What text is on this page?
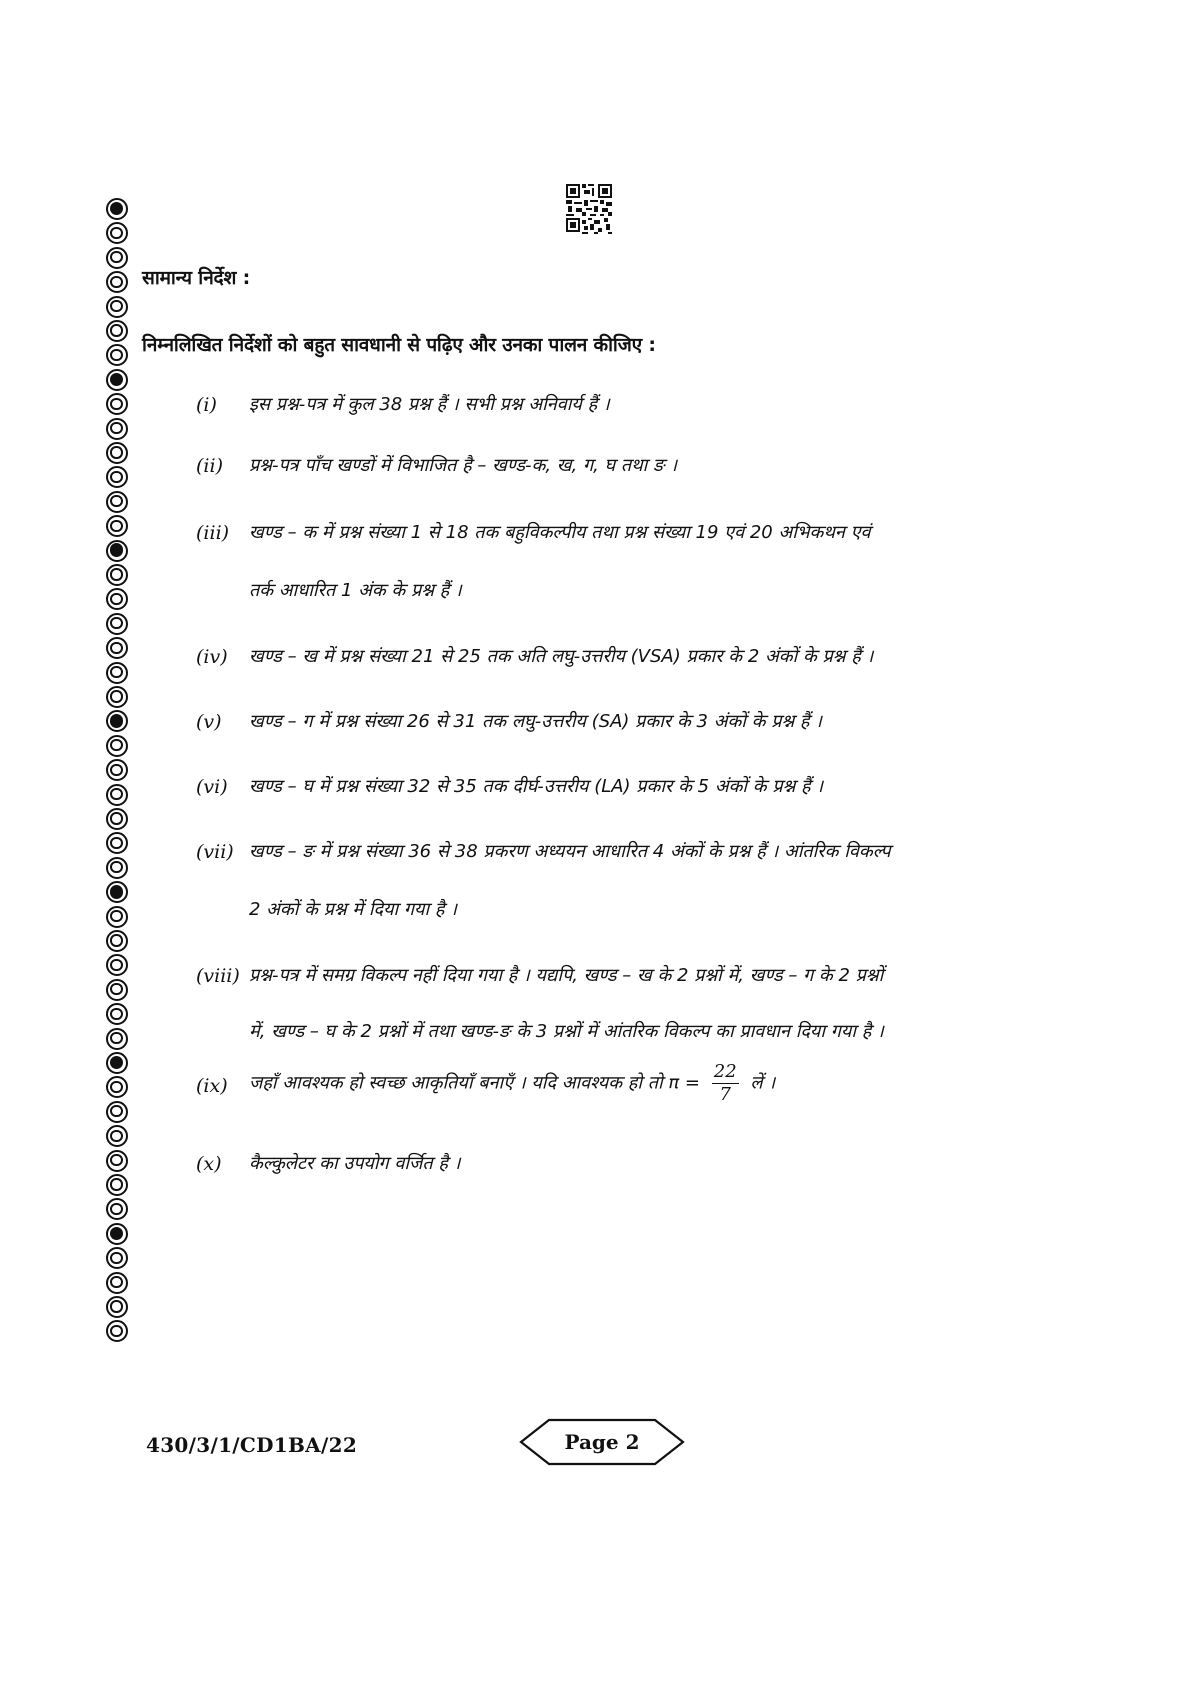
सामान्य निर्देश :
निम्नलिखित निर्देशों को बहुत सावधानी से पढ़िए और उनका पालन कीजिए :
(i) इस प्रश्न-पत्र में कुल 38 प्रश्न हैं । सभी प्रश्न अनिवार्य हैं ।
(ii) प्रश्न-पत्र पाँच खण्डों में विभाजित है – खण्ड-क, ख, ग, घ तथा ङ ।
(iii) खण्ड – क में प्रश्न संख्या 1 से 18 तक बहुविकल्पीय तथा प्रश्न संख्या 19 एवं 20 अभिकथन एवं
तर्क आधारित 1 अंक के प्रश्न हैं ।
(iv) खण्ड – ख में प्रश्न संख्या 21 से 25 तक अति लघु-उत्तरीय (VSA) प्रकार के 2 अंकों के प्रश्न हैं ।
(v) खण्ड – ग में प्रश्न संख्या 26 से 31 तक लघु-उत्तरीय (SA) प्रकार के 3 अंकों के प्रश्न हैं ।
(vi) खण्ड – घ में प्रश्न संख्या 32 से 35 तक दीर्घ-उत्तरीय (LA) प्रकार के 5 अंकों के प्रश्न हैं ।
(vii) खण्ड – ङ में प्रश्न संख्या 36 से 38 प्रकरण अध्ययन आधारित 4 अंकों के प्रश्न हैं । आंतरिक विकल्प
2 अंकों के प्रश्न में दिया गया है ।
(viii) प्रश्न-पत्र में समग्र विकल्प नहीं दिया गया है । यद्यपि, खण्ड – ख के 2 प्रश्नों में, खण्ड – ग के 2 प्रश्नों
में, खण्ड – घ के 2 प्रश्नों में तथा खण्ड-ङ के 3 प्रश्नों में आंतरिक विकल्प का प्रावधान दिया गया है ।
(ix) जहाँ आवश्यक हो स्वच्छ आकृतियाँ बनाएँ । यदि आवश्यक हो तो $\pi = \frac{22}{7}$ लें ।
(x) कैल्कुलेटर का उपयोग वर्जित है ।
430/3/1/CD1BA/22	Page 2
